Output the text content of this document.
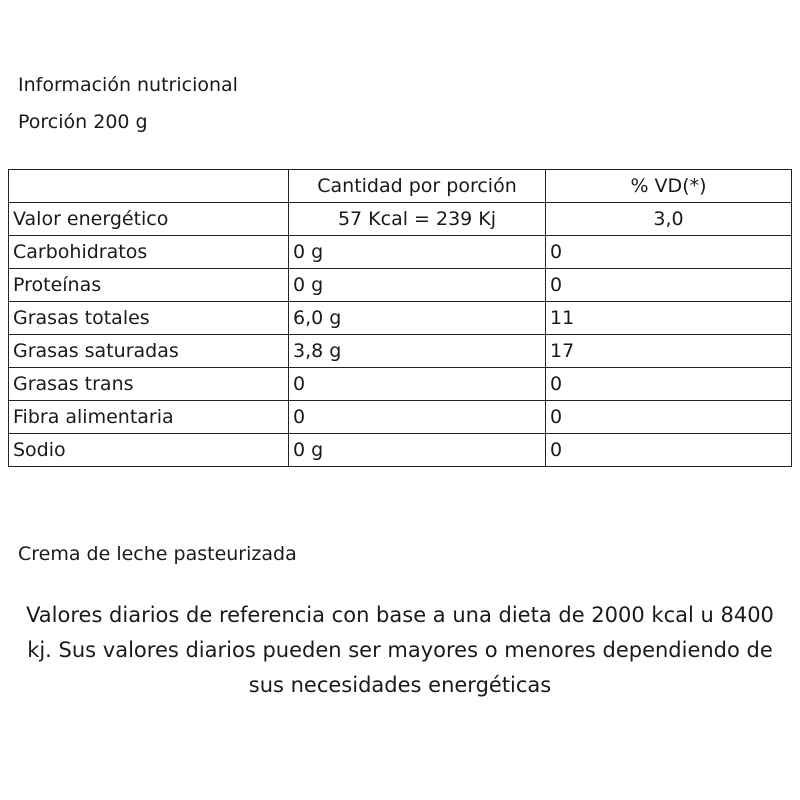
Información nutricional
Porción 200 g
	Cantidad por porción	% VD(*)
Valor energético	57 Kcal = 239 Kj	3,0
Carbohidratos	0 g	0
Proteínas	0 g	0
Grasas totales	6,0 g	11
Grasas saturadas	3,8 g	17
Grasas trans	0	0
Fibra alimentaria	0	0
Sodio	0 g	0
Crema de leche pasteurizada
Valores diarios de referencia con base a una dieta de 2000 kcal u 8400
kj. Sus valores diarios pueden ser mayores o menores dependiendo de
sus necesidades energéticas
